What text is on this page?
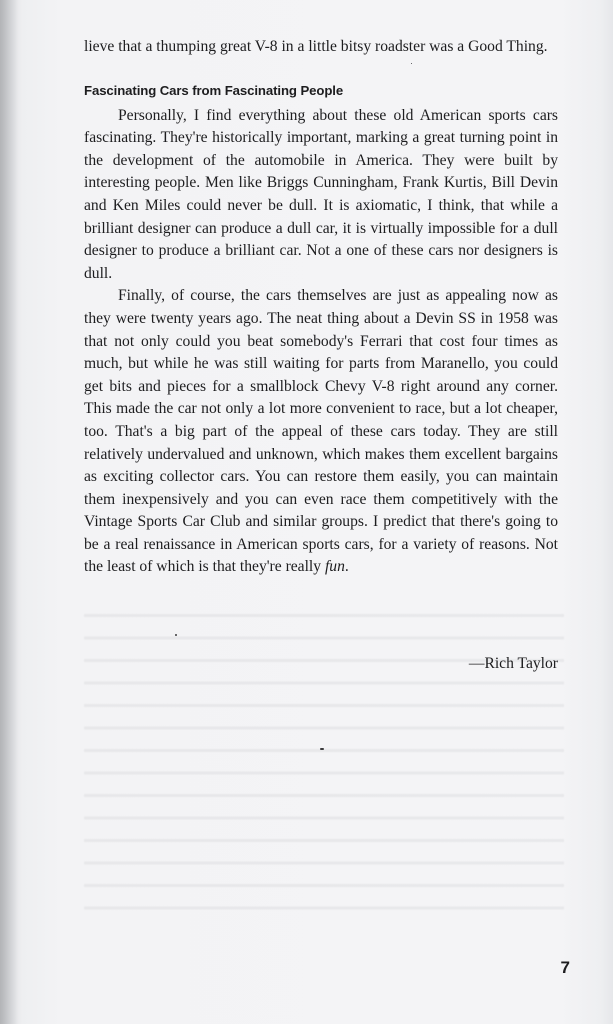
lieve that a thumping great V-8 in a little bitsy roadster was a Good Thing.

Fascinating Cars from Fascinating People

Personally, I find everything about these old American sports cars fascinating. They're historically important, marking a great turning point in the development of the automobile in America. They were built by interesting people. Men like Briggs Cunningham, Frank Kurtis, Bill Devin and Ken Miles could never be dull. It is axiomatic, I think, that while a brilliant designer can produce a dull car, it is virtually impossible for a dull designer to produce a brilliant car. Not a one of these cars nor designers is dull.

Finally, of course, the cars themselves are just as appealing now as they were twenty years ago. The neat thing about a Devin SS in 1958 was that not only could you beat somebody's Ferrari that cost four times as much, but while he was still waiting for parts from Maranello, you could get bits and pieces for a smallblock Chevy V-8 right around any corner. This made the car not only a lot more convenient to race, but a lot cheaper, too. That's a big part of the appeal of these cars today. They are still relatively undervalued and unknown, which makes them excellent bargains as exciting collector cars. You can restore them easily, you can maintain them inexpensively and you can even race them competitively with the Vintage Sports Car Club and similar groups. I predict that there's going to be a real renaissance in American sports cars, for a variety of reasons. Not the least of which is that they're really fun.

—Rich Taylor
7
